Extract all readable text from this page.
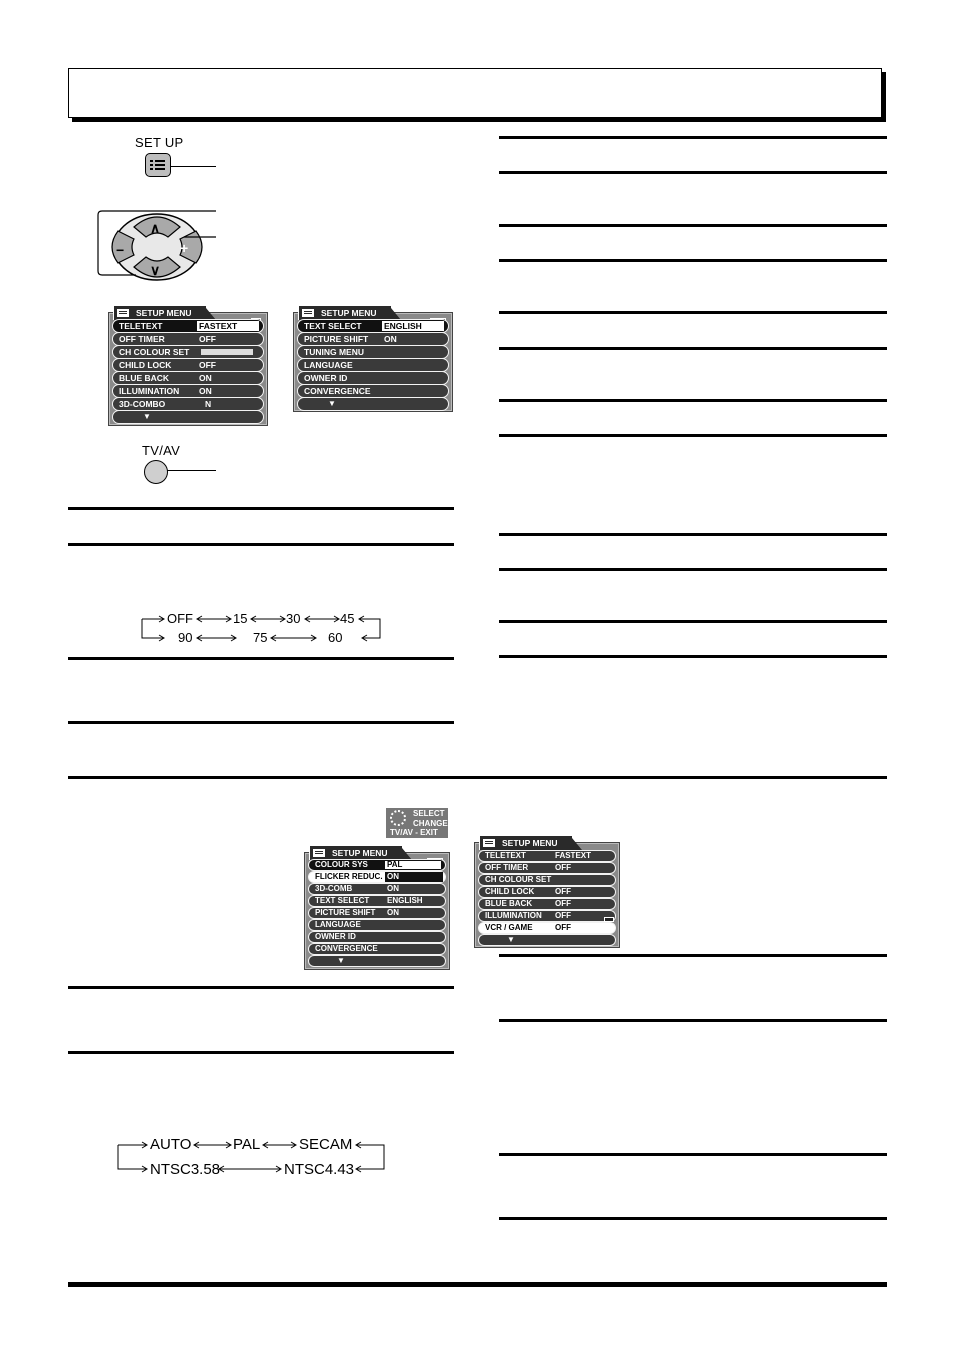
SET UP
∧
∨
−	+
SETUP MENU
TELETEXT	FASTEXT
OFF TIMER	OFF
CH COLOUR SET
CHILD LOCK	OFF
BLUE BACK	ON
ILLUMINATION ON
3D-COMBO	N
▼
SETUP MENU
TEXT SELECT	ENGLISH
PICTURE SHIFT ON
TUNING MENU
LANGUAGE
OWNER ID
CONVERGENCE
▼
TV/AV
OFF	15	30	45
90	75	60
SELECT
CHANGE
TV/AV - EXIT
SETUP MENU
COLOUR SYS PAL
FLICKER REDUC. ON
3D-COMB	ON
TEXT SELECT ENGLISH
PICTURE SHIFT ON
LANGUAGE
OWNER ID
CONVERGENCE
▼
SETUP MENU
TELETEXT	FASTEXT
OFF TIMER	OFF
CH COLOUR SET
CHILD LOCK	OFF
BLUE BACK	OFF
ILLUMINATION OFF
VCR / GAME	OFF
▼
AUTO	PAL	SECAM
NTSC3.58	NTSC4.43
